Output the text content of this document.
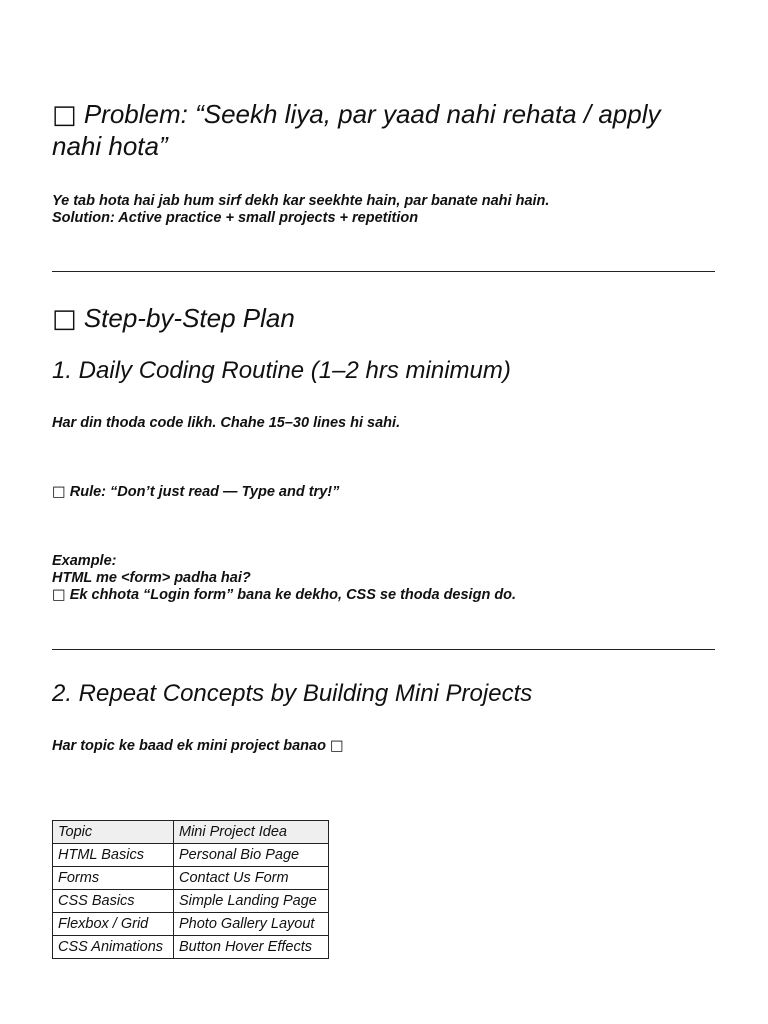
□ Problem: “Seekh liya, par yaad nahi rehata / apply nahi hota”

Ye tab hota hai jab hum sirf dekh kar seekhte hain, par banate nahi hain.
Solution: Active practice + small projects + repetition

□ Step-by-Step Plan
1. Daily Coding Routine (1–2 hrs minimum)

Har din thoda code likh. Chahe 15–30 lines hi sahi.

□ Rule: “Don’t just read — Type and try!”

Example:
HTML me <form> padha hai?
□ Ek chhota “Login form” bana ke dekho, CSS se thoda design do.

2. Repeat Concepts by Building Mini Projects

Har topic ke baad ek mini project banao □

Topic	Mini Project Idea
HTML Basics	Personal Bio Page
Forms	Contact Us Form
CSS Basics	Simple Landing Page
Flexbox / Grid	Photo Gallery Layout
CSS Animations	Button Hover Effects
